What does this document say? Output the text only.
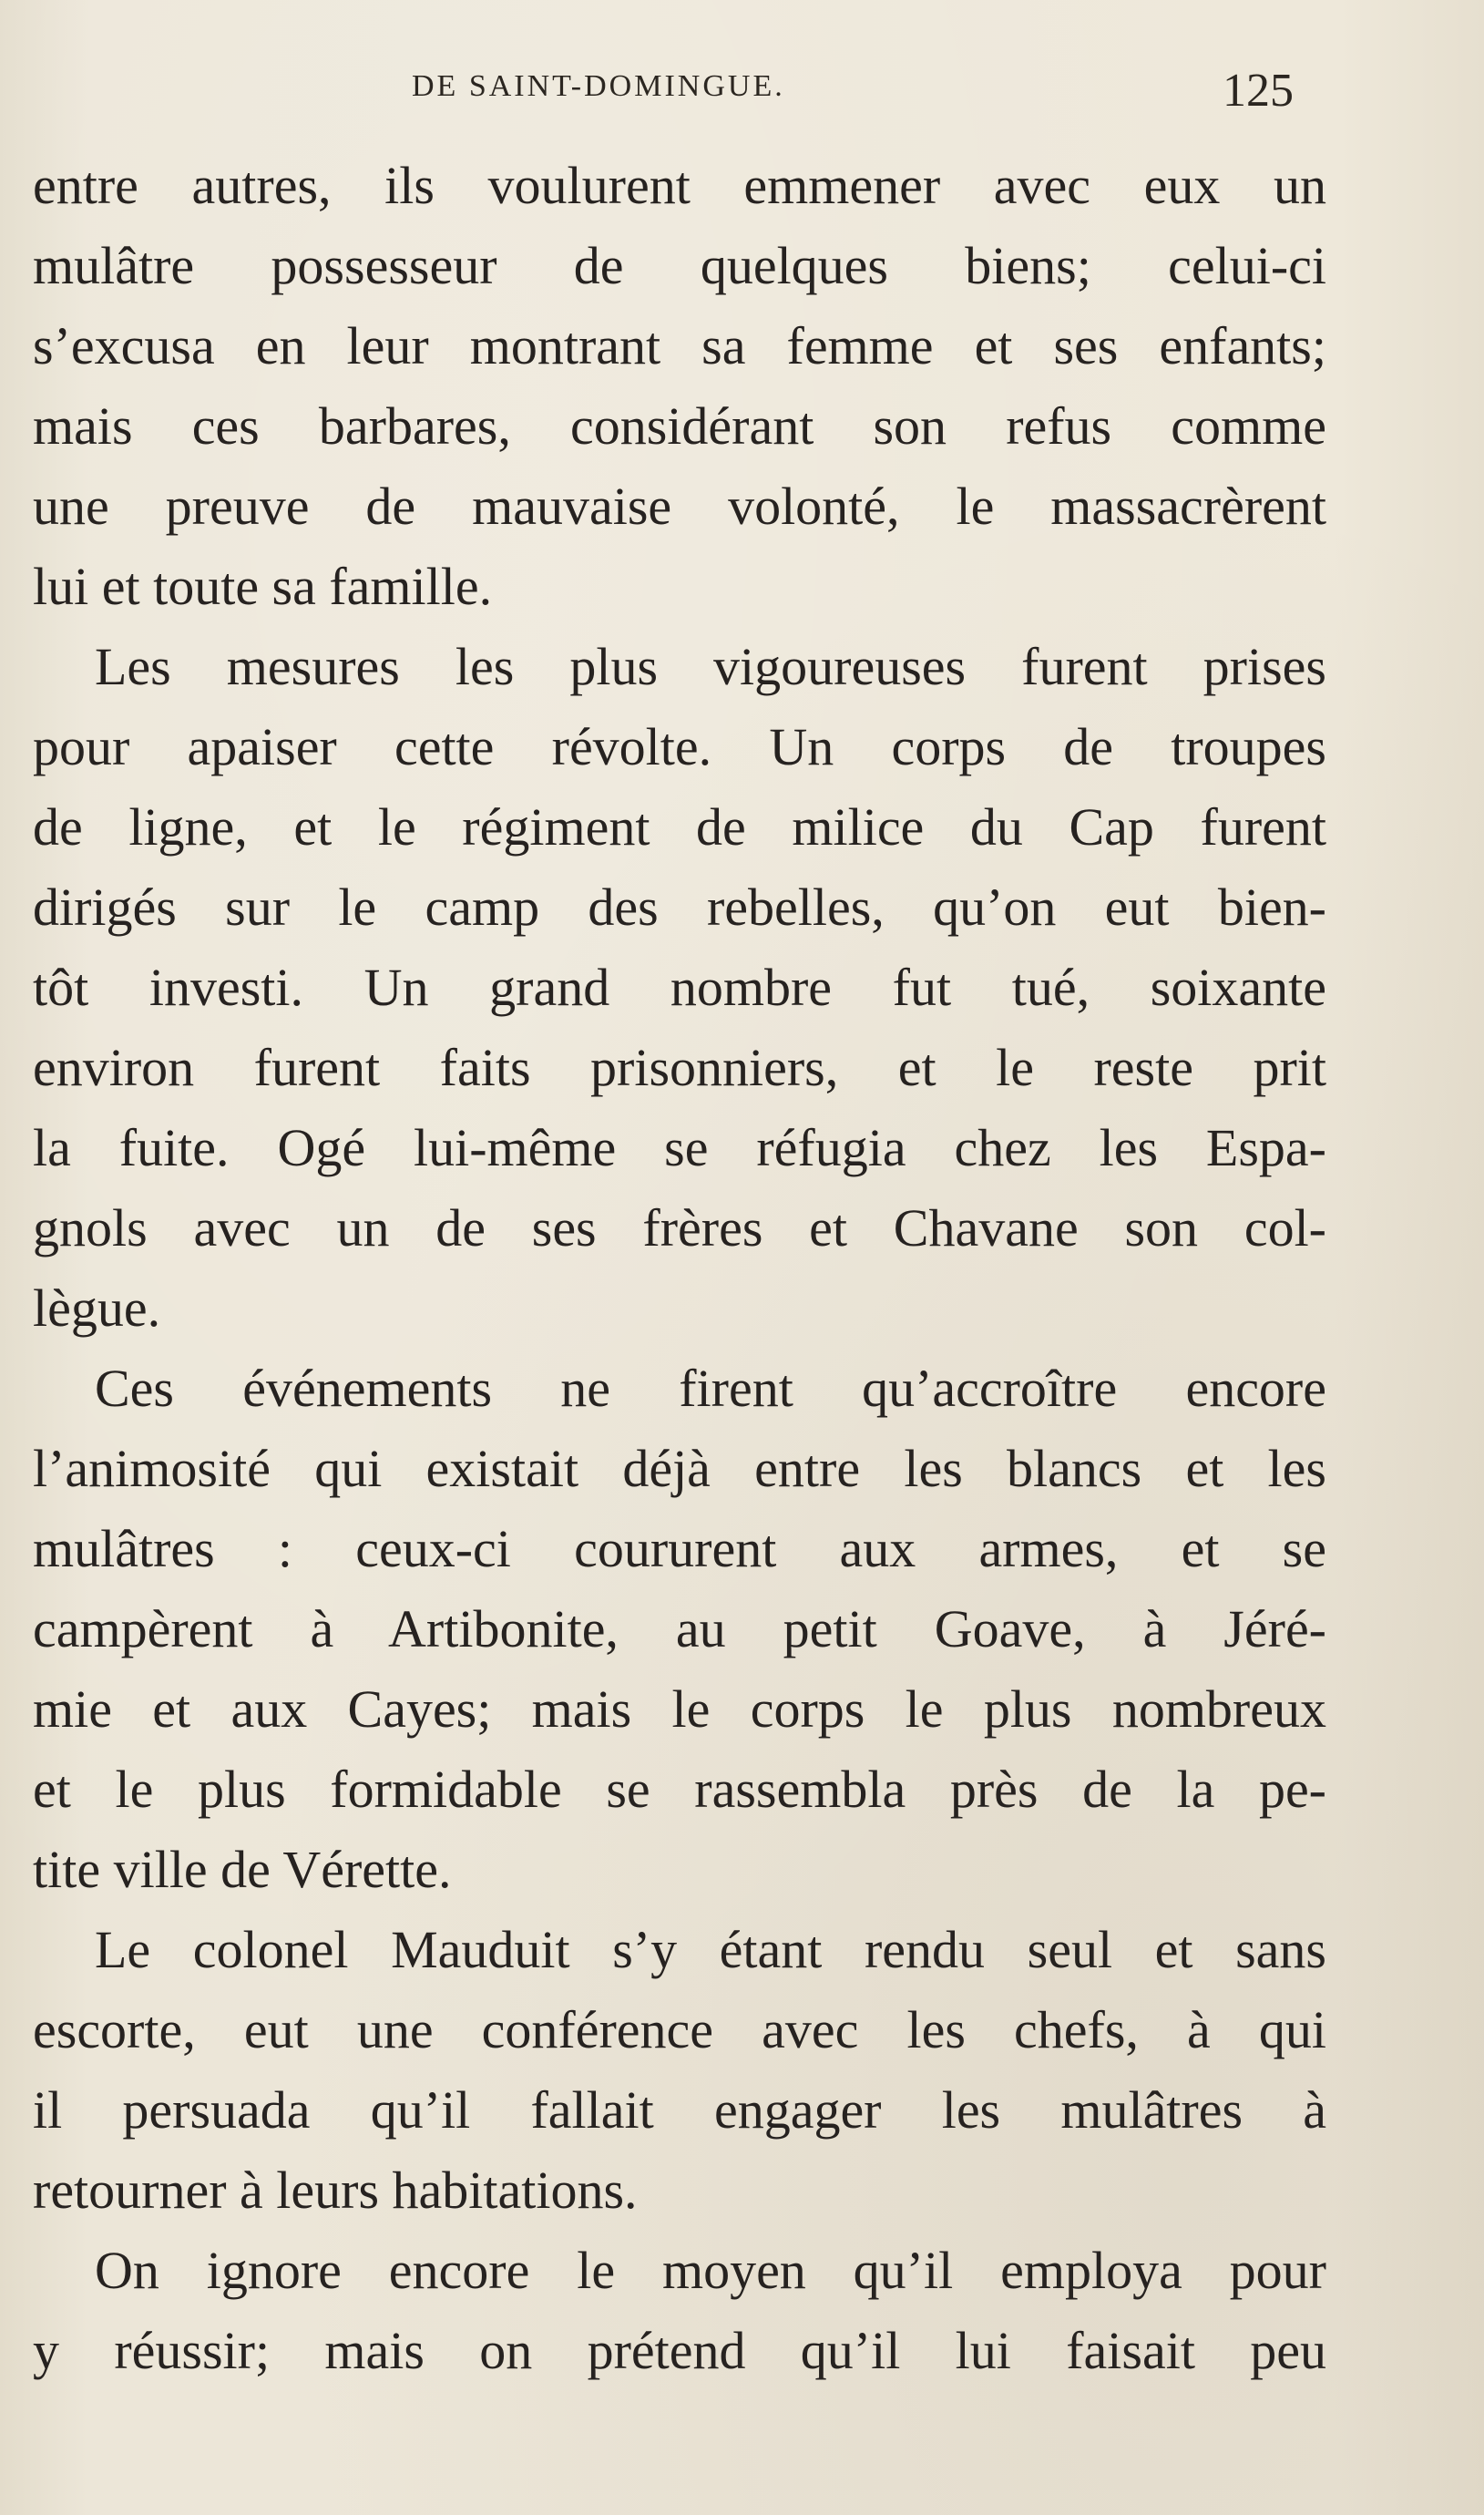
DE SAINT-DOMINGUE.	125
entre autres, ils voulurent emmener avec eux un
mulâtre possesseur de quelques biens; celui-ci
s’excusa en leur montrant sa femme et ses enfants;
mais ces barbares, considérant son refus comme
une preuve de mauvaise volonté, le massacrèrent
lui et toute sa famille.
Les mesures les plus vigoureuses furent prises
pour apaiser cette révolte. Un corps de troupes
de ligne, et le régiment de milice du Cap furent
dirigés sur le camp des rebelles, qu’on eut bien-
tôt investi. Un grand nombre fut tué, soixante
environ furent faits prisonniers, et le reste prit
la fuite. Ogé lui-même se réfugia chez les Espa-
gnols avec un de ses frères et Chavane son col-
lègue.
Ces événements ne firent qu’accroître encore
l’animosité qui existait déjà entre les blancs et les
mulâtres : ceux-ci coururent aux armes, et se
campèrent à Artibonite, au petit Goave, à Jéré-
mie et aux Cayes; mais le corps le plus nombreux
et le plus formidable se rassembla près de la pe-
tite ville de Vérette.
Le colonel Mauduit s’y étant rendu seul et sans
escorte, eut une conférence avec les chefs, à qui
il persuada qu’il fallait engager les mulâtres à
retourner à leurs habitations.
On ignore encore le moyen qu’il employa pour
y réussir; mais on prétend qu’il lui faisait peu
